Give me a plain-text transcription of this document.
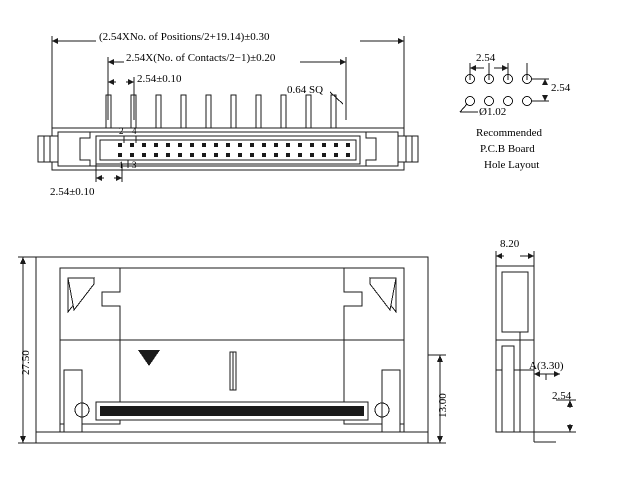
(2.54XNo. of Positions/2+19.14)±0.30
2.54X(No. of Contacts/2−1)±0.20
2.54±0.10
0.64 SQ
2.54±0.10
2 4
1 3
2.54
2.54
Ø1.02
Recommended
P.C.B Board
Hole Layout
27.50
13.00
8.20
A(3.30)
2.54
